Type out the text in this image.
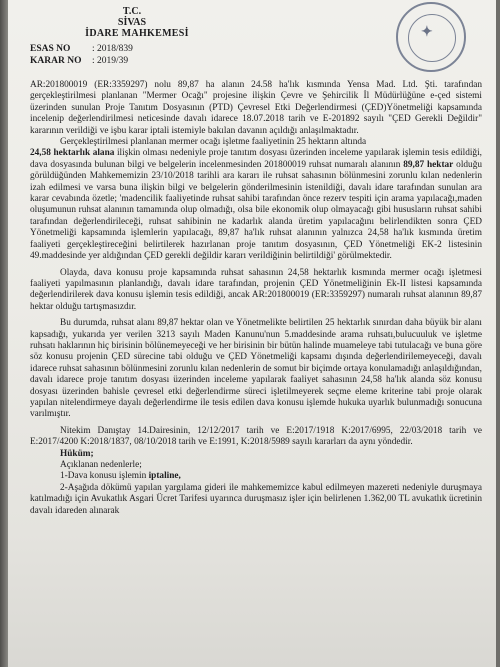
T.C.
SİVAS
İDARE MAHKEMESİ	✦
ESAS NO : 2018/839
KARAR NO : 2019/39

AR:201800019 (ER:3359297) nolu 89,87 ha alanın 24.58 ha'lık kısmında Yensa Mad. Ltd. Şti. tarafından gerçekleştirilmesi planlanan "Mermer Ocağı" projesine ilişkin Çevre ve Şehircilik İl Müdürlüğüne e-çed sistemi üzerinden sunulan Proje Tanıtım Dosyasının (PTD) Çevresel Etki Değerlendirmesi (ÇED)Yönetmeliği kapsamında incelenip değerlendirilmesi neticesinde davalı idarece 18.07.2018 tarih ve E-201892 sayılı "ÇED Gerekli Değildir" kararının verildiği ve işbu karar iptali istemiyle bakılan davanın açıldığı anlaşılmaktadır.

Gerçekleştirilmesi planlanan mermer ocağı işletme faaliyetinin 25 hektarın altında
24,58 hektarlık alana ilişkin olması nedeniyle proje tanıtım dosyası üzerinden inceleme yapılarak işlemin tesis edildiği, dava dosyasında bulunan bilgi ve belgelerin incelenmesinden 201800019 ruhsat numaralı alanının 89,87 hektar olduğu görüldüğünden Mahkememizin 23/10/2018 tarihli ara kararı ile ruhsat sahasının bölünmesini zorunlu kılan nedenlerin izah edilmesi ve varsa buna ilişkin bilgi ve belgelerin gönderilmesinin istenildiği, davalı idare tarafından sunulan ara karar cevabında özetle; 'madencilik faaliyetinde ruhsat sahibi tarafından önce rezerv tespiti için arama yapılacağı,maden oluşumunun ruhsat alanının tamamında olup olmadığı, olsa bile ekonomik olup olmayacağı gibi hususların ruhsat sahibi tarafından değerlendirileceği, ruhsat sahibinin ne kadarlık alanda üretim yapılacağını belirlendikten sonra ÇED Yönetmeliği kapsamında işlemlerin yapılacağı, 89,87 ha'lık ruhsat alanının yalnızca 24,58 ha'lık kısmında üretim faaliyeti gerçekleştireceğini belirtilerek hazırlanan proje tanıtım dosyasının, ÇED Yönetmeliği EK-2 listesinin 49.maddesinde yer aldığından ÇED gerekli değildir kararı verildiğinin belirtildiği' görülmektedir.

Olayda, dava konusu proje kapsamında ruhsat sahasının 24,58 hektarlık kısmında mermer ocağı işletmesi faaliyeti yapılmasının planlandığı, davalı idare tarafından, projenin ÇED Yönetmeliğinin Ek-II listesi kapsamında değerlendirilerek dava konusu işlemin tesis edildiği, ancak AR:201800019 (ER:3359297) numaralı ruhsat alanının 89,87 hektar olduğu tartışmasızdır.

Bu durumda, ruhsat alanı 89,87 hektar olan ve Yönetmelikte belirtilen 25 hektarlık sınırdan daha büyük bir alanı kapsadığı, yukarıda yer verilen 3213 sayılı Maden Kanunu'nun 5.maddesinde arama ruhsatı,bulucuuluk ve işletme ruhsatı haklarının hiç birisinin bölünemeyeceği ve her birisinin bir bütün halinde muameleye tabi tutulacağı ve buna göre söz konusu projenin ÇED sürecine tabi olduğu ve ÇED Yönetmeliği kapsamı dışında değerlendirilemeyeceği, davalı idarece ruhsat sahasının bölünmesini zorunlu kılan nedenlerin de somut bir biçimde ortaya konulamadığı anlaşıldığından, davalı idarece proje tanıtım dosyası üzerinden inceleme yapılarak faaliyet sahasının 24,58 ha'lık alanda söz konusu dosyası üzerinden bahisle çevresel etki değerlendirme süreci işletilmeyerek seçme eleme kriterine tabi proje olarak yapılan nitelendirmeye dayalı değerlendirme ile tesis edilen dava konusu işlemde hukuka uyarlık bulunmadığı sonucuna varılmıştır.

Nitekim Danıştay 14.Dairesinin, 12/12/2017 tarih ve E:2017/1918 K:2017/6995, 22/03/2018 tarih ve E:2017/4200 K:2018/1837, 08/10/2018 tarih ve E:1991, K:2018/5989 sayılı kararları da aynı yöndedir.

Hüküm;

Açıklanan nedenlerle;

1-Dava konusu işlemin iptaline,

2-Aşağıda dökümü yapılan yargılama gideri ile mahkememizce kabul edilmeyen mazereti nedeniyle duruşmaya katılmadığı için Avukatlık Asgari Ücret Tarifesi uyarınca duruşmasız işler için belirlenen 1.362,00 TL avukatlık ücretinin davalı idareden alınarak
